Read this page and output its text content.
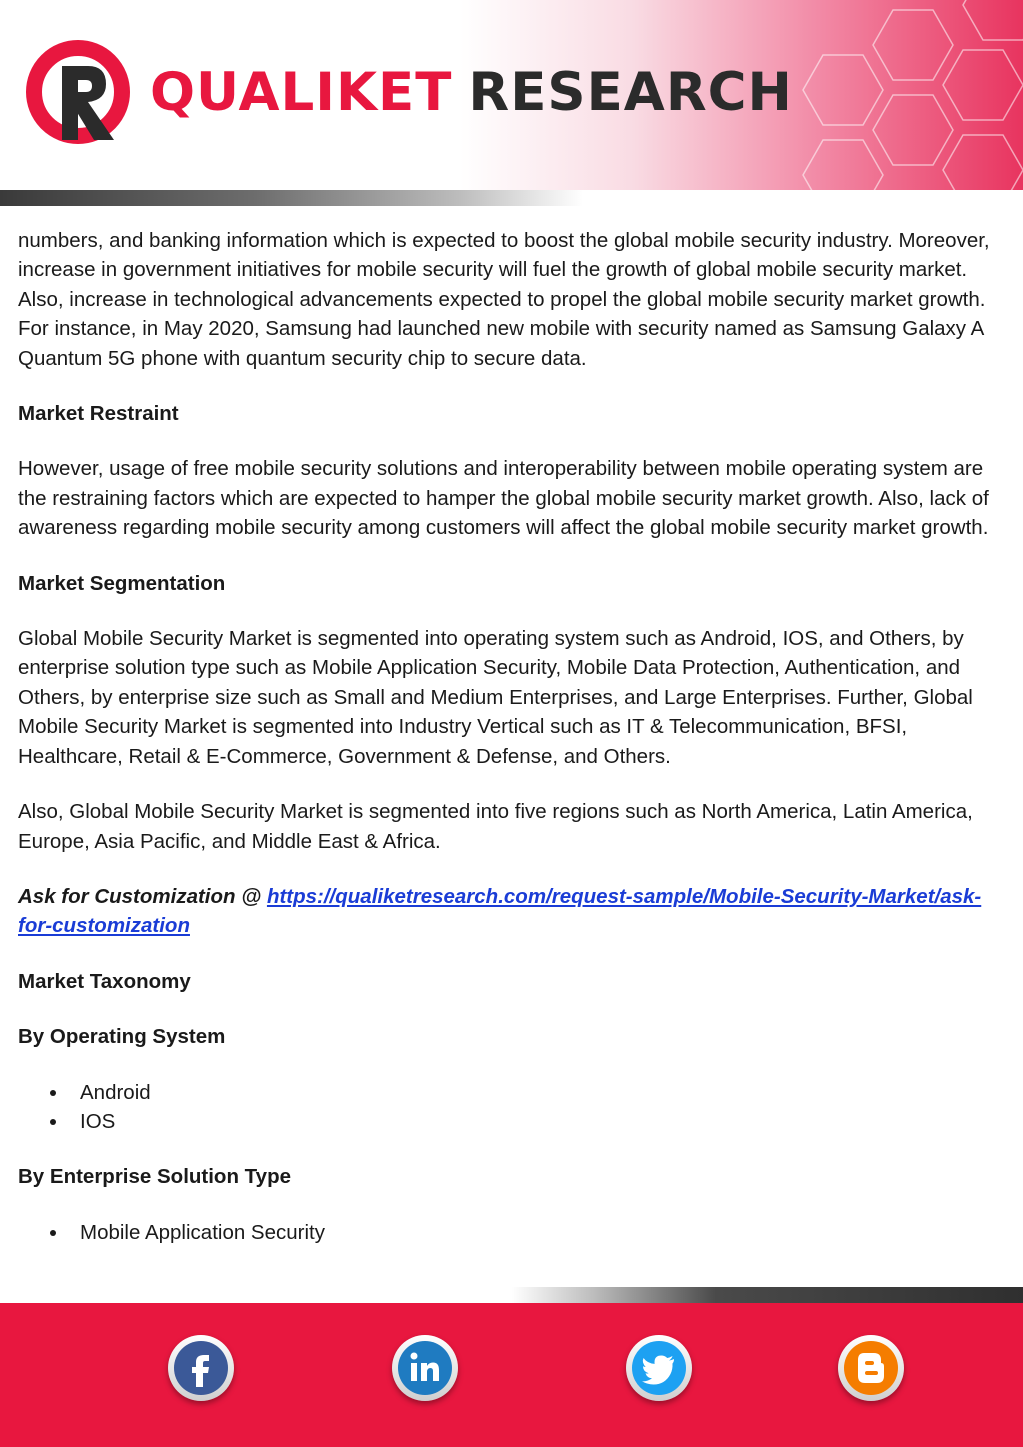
QUALIKET RESEARCH

numbers, and banking information which is expected to boost the global mobile security industry. Moreover, increase in government initiatives for mobile security will fuel the growth of global mobile security market. Also, increase in technological advancements expected to propel the global mobile security market growth. For instance, in May 2020, Samsung had launched new mobile with security named as Samsung Galaxy A Quantum 5G phone with quantum security chip to secure data.

Market Restraint

However, usage of free mobile security solutions and interoperability between mobile operating system are the restraining factors which are expected to hamper the global mobile security market growth. Also, lack of awareness regarding mobile security among customers will affect the global mobile security market growth.

Market Segmentation

Global Mobile Security Market is segmented into operating system such as Android, IOS, and Others, by enterprise solution type such as Mobile Application Security, Mobile Data Protection, Authentication, and Others, by enterprise size such as Small and Medium Enterprises, and Large Enterprises. Further, Global Mobile Security Market is segmented into Industry Vertical such as IT & Telecommunication, BFSI, Healthcare, Retail & E-Commerce, Government & Defense, and Others.

Also, Global Mobile Security Market is segmented into five regions such as North America, Latin America, Europe, Asia Pacific, and Middle East & Africa.

Ask for Customization @ https://qualiketresearch.com/request-sample/Mobile-Security-Market/ask-for-customization

Market Taxonomy
By Operating System
Android
IOS
By Enterprise Solution Type
Mobile Application Security
